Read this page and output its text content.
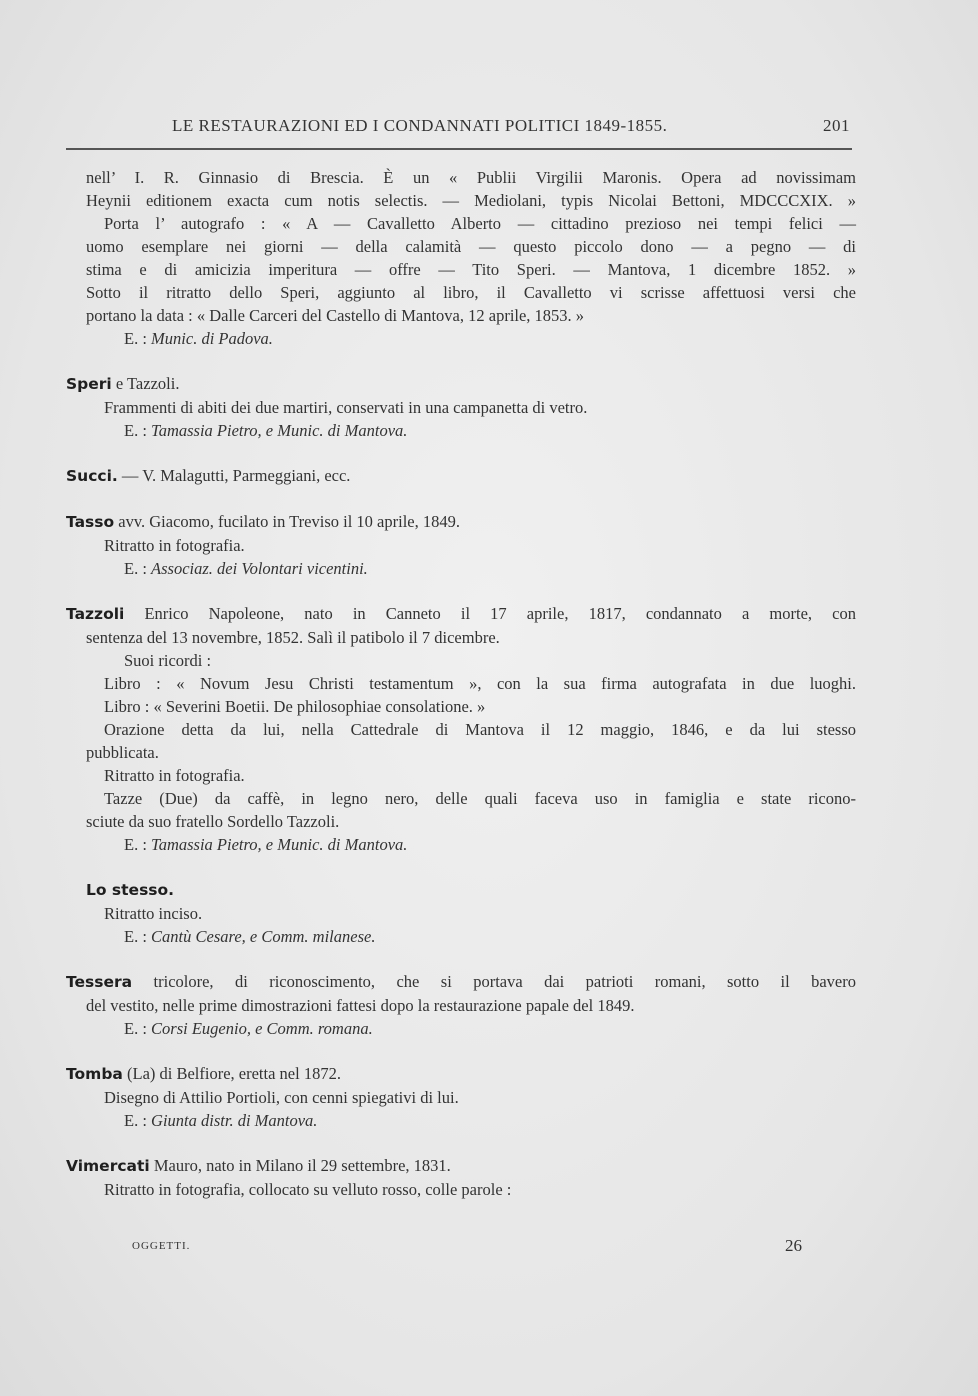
LE RESTAURAZIONI ED I CONDANNATI POLITICI 1849-1855.	201

nell’ I. R. Ginnasio di Brescia. È un « Publii Virgilii Maronis. Opera ad novissimam

Heynii editionem exacta cum notis selectis. — Mediolani, typis Nicolai Bettoni, MDCCCXIX. »

Porta l’ autografo : « A — Cavalletto Alberto — cittadino prezioso nei tempi felici —

uomo esemplare nei giorni — della calamità — questo piccolo dono — a pegno — di

stima e di amicizia imperitura — offre — Tito Speri. — Mantova, 1 dicembre 1852. »

Sotto il ritratto dello Speri, aggiunto al libro, il Cavalletto vi scrisse affettuosi versi che

portano la data : « Dalle Carceri del Castello di Mantova, 12 aprile, 1853. »

E. : Munic. di Padova.

Speri e Tazzoli.

Frammenti di abiti dei due martiri, conservati in una campanetta di vetro.

E. : Tamassia Pietro, e Munic. di Mantova.

Succi. — V. Malagutti, Parmeggiani, ecc.

Tasso avv. Giacomo, fucilato in Treviso il 10 aprile, 1849.

Ritratto in fotografia.

E. : Associaz. dei Volontari vicentini.

Tazzoli Enrico Napoleone, nato in Canneto il 17 aprile, 1817, condannato a morte, con

sentenza del 13 novembre, 1852. Salì il patibolo il 7 dicembre.

Suoi ricordi :

Libro : « Novum Jesu Christi testamentum », con la sua firma autografata in due luoghi.

Libro : « Severini Boetii. De philosophiae consolatione. »

Orazione detta da lui, nella Cattedrale di Mantova il 12 maggio, 1846, e da lui stesso

pubblicata.

Ritratto in fotografia.

Tazze (Due) da caffè, in legno nero, delle quali faceva uso in famiglia e state ricono-

sciute da suo fratello Sordello Tazzoli.

E. : Tamassia Pietro, e Munic. di Mantova.

Lo stesso.

Ritratto inciso.

E. : Cantù Cesare, e Comm. milanese.

Tessera tricolore, di riconoscimento, che si portava dai patrioti romani, sotto il bavero

del vestito, nelle prime dimostrazioni fattesi dopo la restaurazione papale del 1849.

E. : Corsi Eugenio, e Comm. romana.

Tomba (La) di Belfiore, eretta nel 1872.

Disegno di Attilio Portioli, con cenni spiegativi di lui.

E. : Giunta distr. di Mantova.

Vimercati Mauro, nato in Milano il 29 settembre, 1831.

Ritratto in fotografia, collocato su velluto rosso, colle parole :

OGGETTI.	26
